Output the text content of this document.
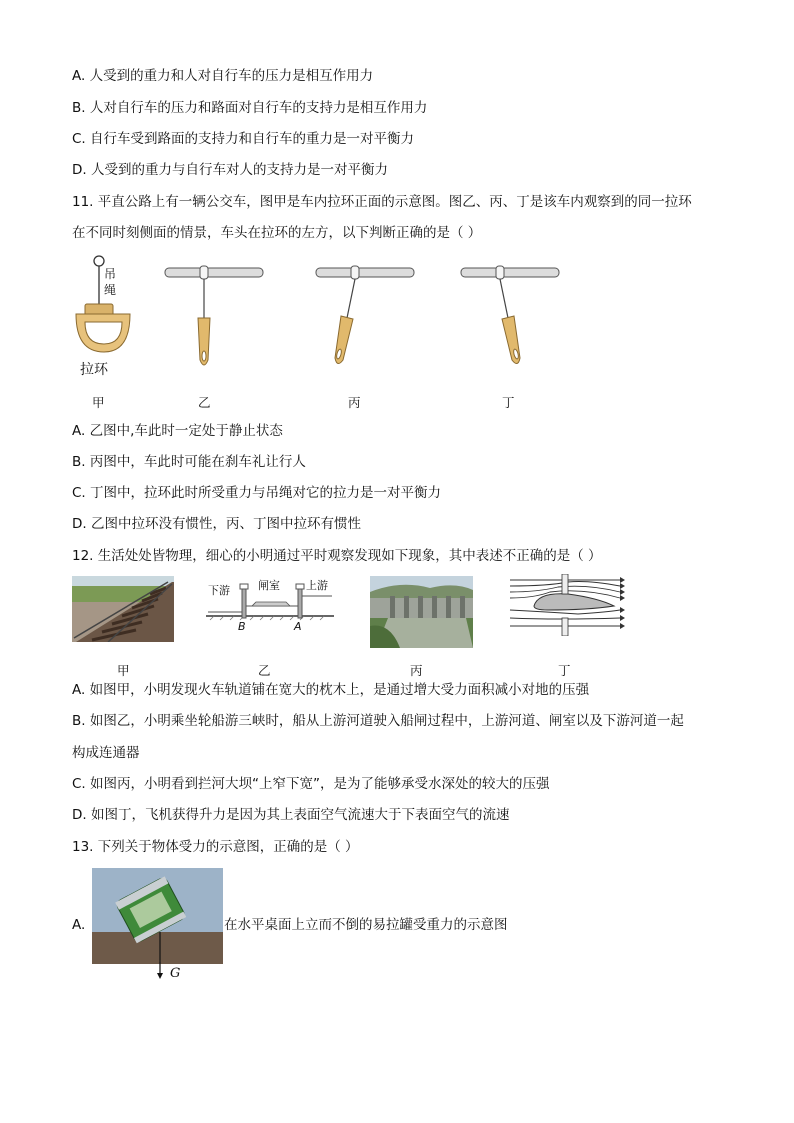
A. 人受到的重力和人对自行车的压力是相互作用力
B. 人对自行车的压力和路面对自行车的支持力是相互作用力
C. 自行车受到路面的支持力和自行车的重力是一对平衡力
D. 人受到的重力与自行车对人的支持力是一对平衡力
11. 平直公路上有一辆公交车，图甲是车内拉环正面的示意图。图乙、丙、丁是该车内观察到的同一拉环
在不同时刻侧面的情景，车头在拉环的左方，以下判断正确的是（ ）
吊
绳
拉环
甲	乙	丙	丁
A. 乙图中,车此时一定处于静止状态
B. 丙图中，车此时可能在刹车礼让行人
C. 丁图中，拉环此时所受重力与吊绳对它的拉力是一对平衡力
D. 乙图中拉环没有惯性，丙、丁图中拉环有惯性
12. 生活处处皆物理，细心的小明通过平时观察发现如下现象，其中表述不正确的是（ ）
下游	闸室 上游
B	A
甲	乙	丙	丁
A. 如图甲，小明发现火车轨道铺在宽大的枕木上，是通过增大受力面积减小对地的压强
B. 如图乙，小明乘坐轮船游三峡时，船从上游河道驶入船闸过程中，上游河道、闸室以及下游河道一起
构成连通器
C. 如图丙，小明看到拦河大坝“上窄下宽”，是为了能够承受水深处的较大的压强
D. 如图丁，飞机获得升力是因为其上表面空气流速大于下表面空气的流速
13. 下列关于物体受力的示意图，正确的是（ ）
A.
G
在水平桌面上立而不倒的易拉罐受重力的示意图
